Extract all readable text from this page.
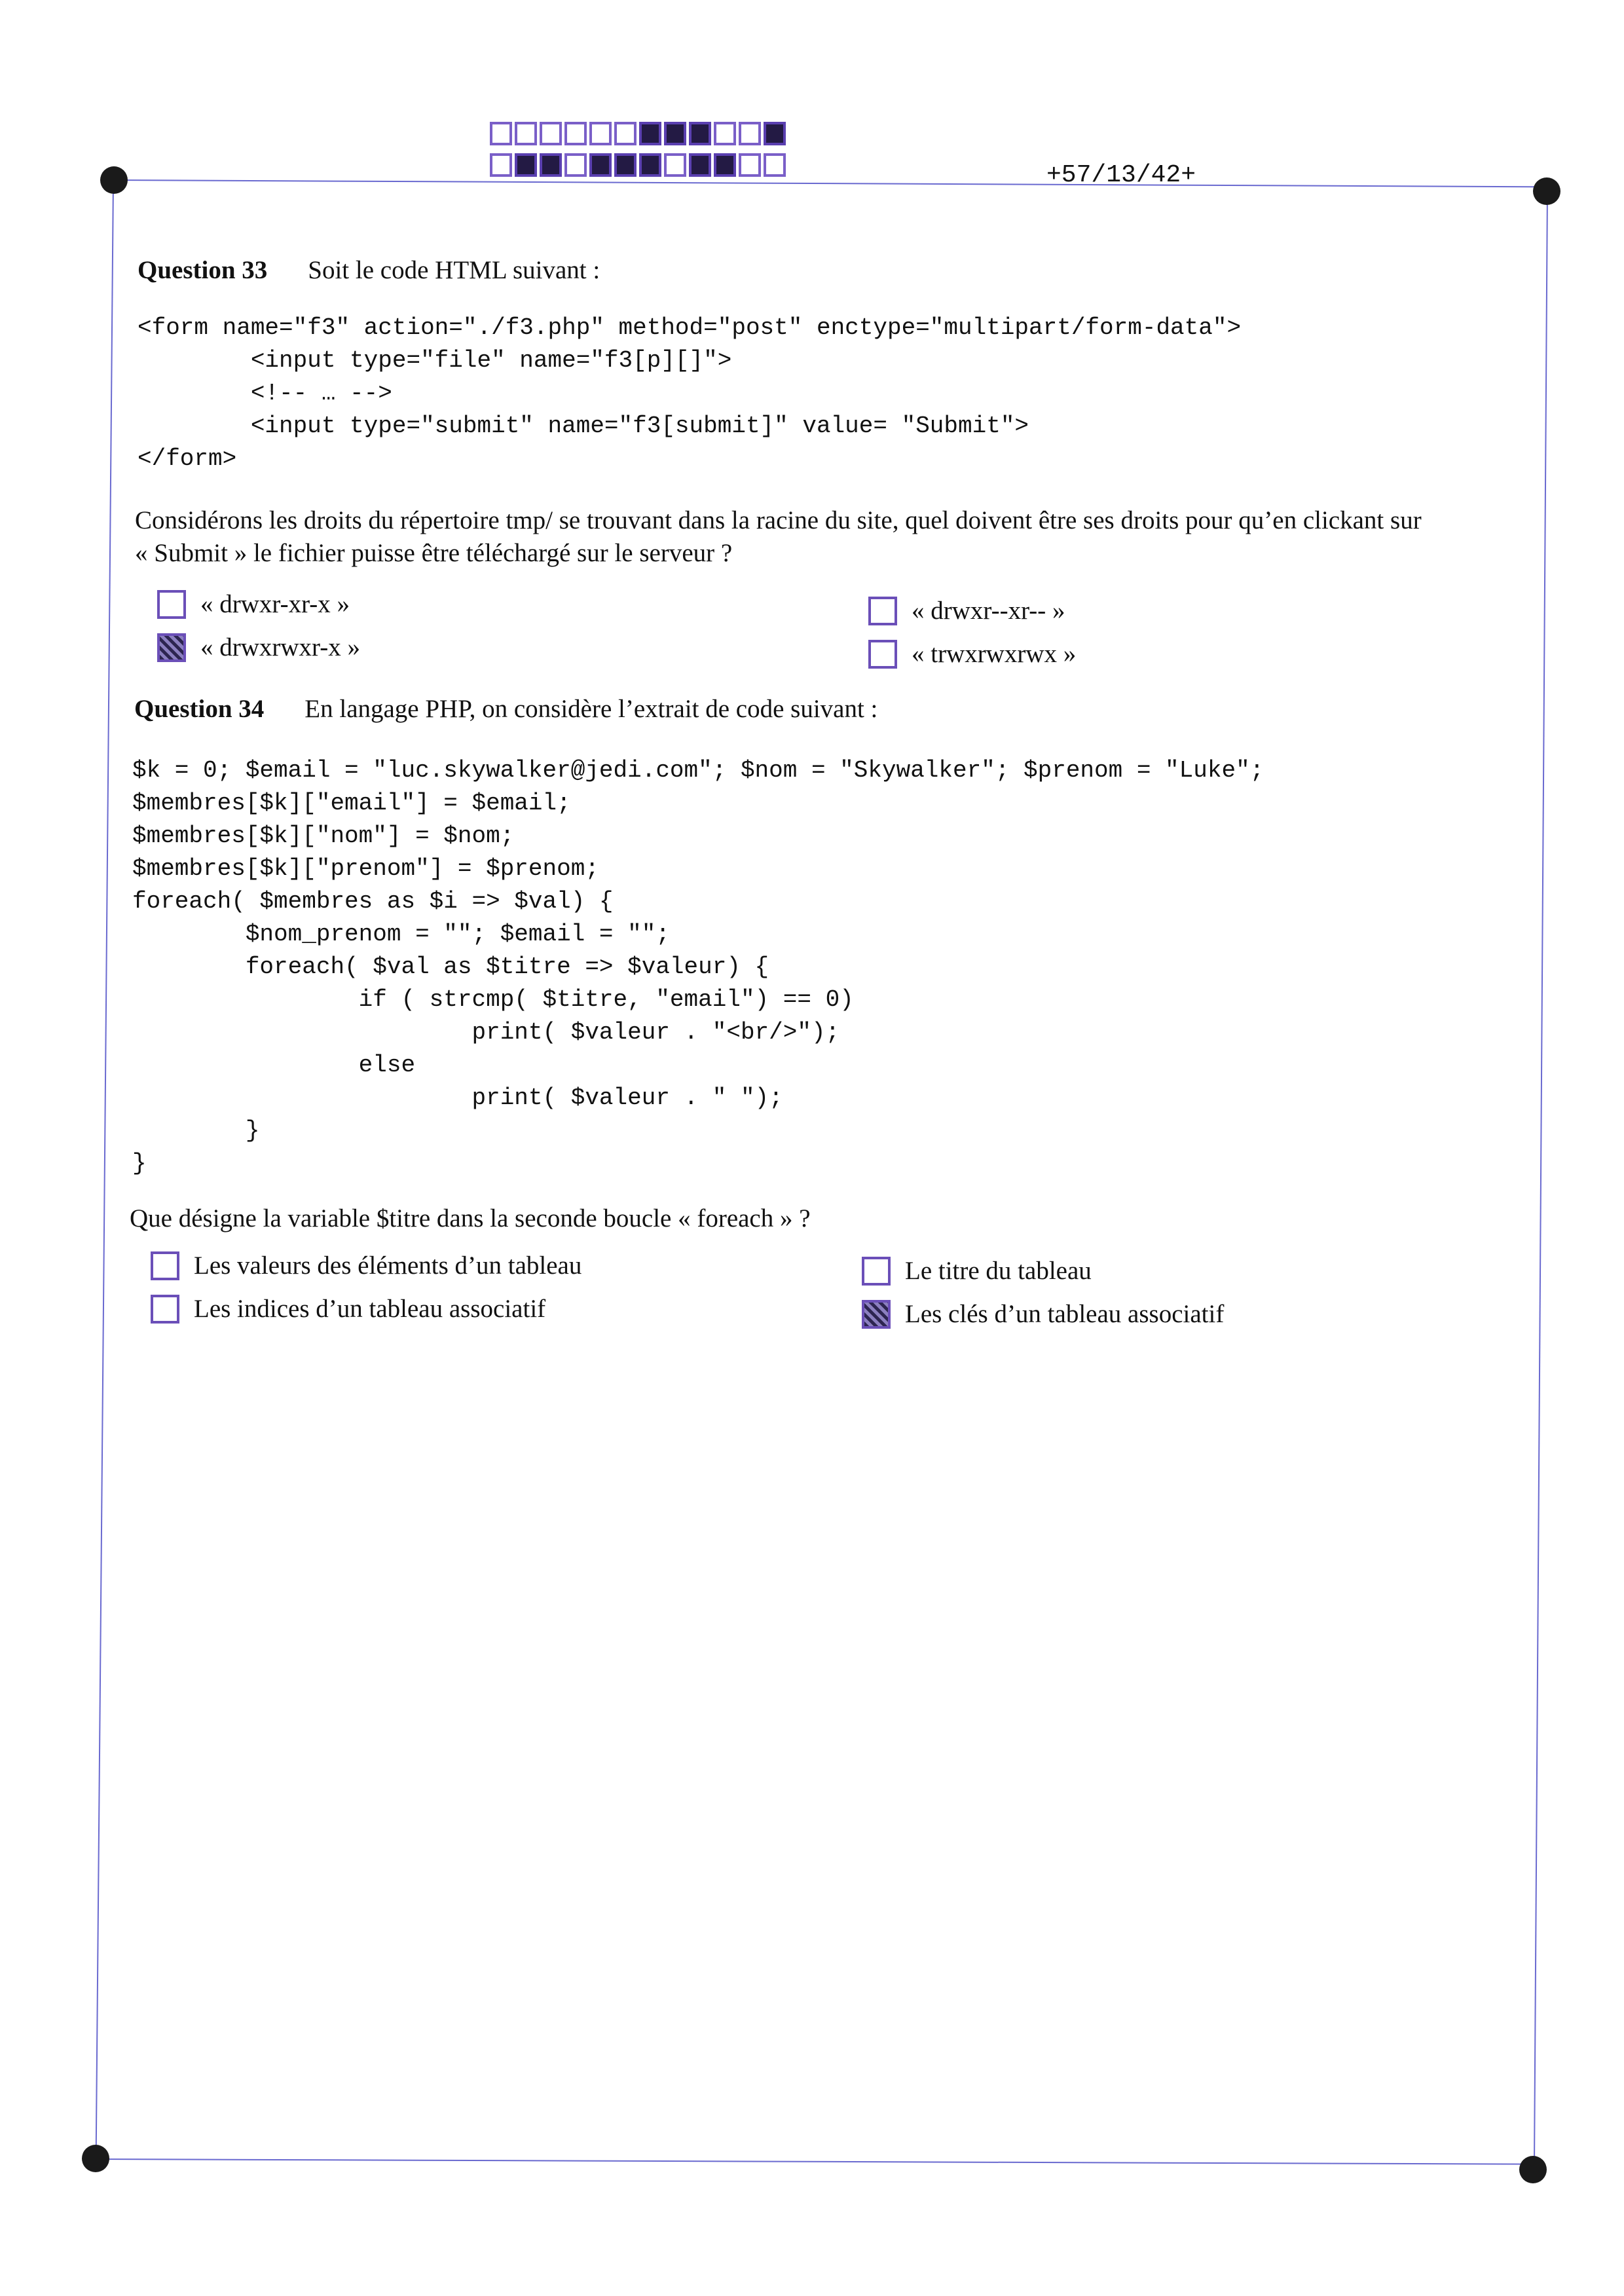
+57/13/42+
Question 33 Soit le code HTML suivant :
<form name="f3" action="./f3.php" method="post" enctype="multipart/form-data">
<input type="file" name="f3[p][]">
<!-- … -->
<input type="submit" name="f3[submit]" value= "Submit">
</form>
Considérons les droits du répertoire tmp/ se trouvant dans la racine du site, quel doivent être ses droits pour qu’en clickant sur
« Submit » le fichier puisse être téléchargé sur le serveur ?
« drwxr-xr-x »
« drwxrwxr-x »
« drwxr--xr-- »
« trwxrwxrwx »
Question 34 En langage PHP, on considère l’extrait de code suivant :
$k = 0; $email = "luc.skywalker@jedi.com"; $nom = "Skywalker"; $prenom = "Luke";
$membres[$k]["email"] = $email;
$membres[$k]["nom"] = $nom;
$membres[$k]["prenom"] = $prenom;
foreach( $membres as $i => $val) {
$nom_prenom = ""; $email = "";
foreach( $val as $titre => $valeur) {
if ( strcmp( $titre, "email") == 0)
print( $valeur . "<br/>");
else
print( $valeur . " ");
}
}
Que désigne la variable $titre dans la seconde boucle « foreach » ?
Les valeurs des éléments d’un tableau
Les indices d’un tableau associatif
Le titre du tableau
Les clés d’un tableau associatif
